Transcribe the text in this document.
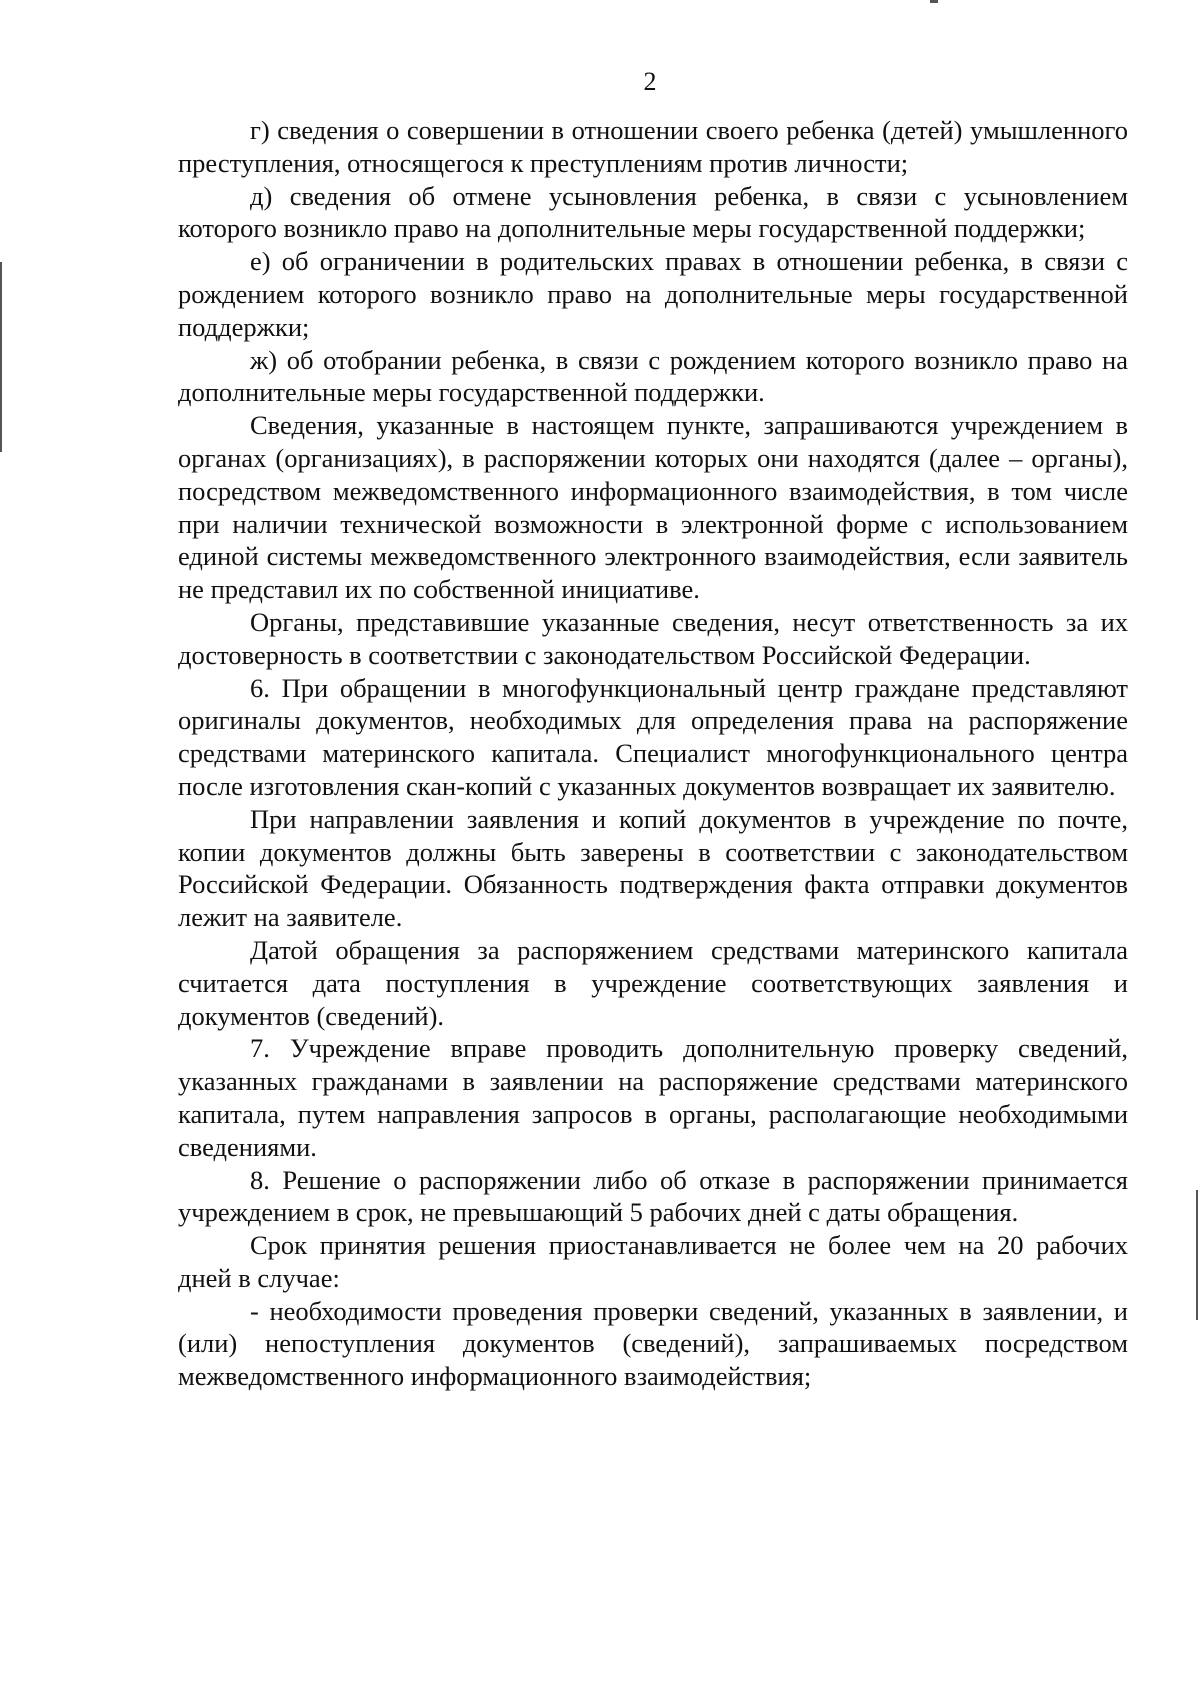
2

г) сведения о совершении в отношении своего ребенка (детей) умышленного преступления, относящегося к преступлениям против личности;

д) сведения об отмене усыновления ребенка, в связи с усыновлением которого возникло право на дополнительные меры государственной поддержки;

е) об ограничении в родительских правах в отношении ребенка, в связи с рождением которого возникло право на дополнительные меры государственной поддержки;

ж) об отобрании ребенка, в связи с рождением которого возникло право на дополнительные меры государственной поддержки.

Сведения, указанные в настоящем пункте, запрашиваются учреждением в органах (организациях), в распоряжении которых они находятся (далее – органы), посредством межведомственного информационного взаимодействия, в том числе при наличии технической возможности в электронной форме с использованием единой системы межведомственного электронного взаимодействия, если заявитель не представил их по собственной инициативе.

Органы, представившие указанные сведения, несут ответственность за их достоверность в соответствии с законодательством Российской Федерации.

6. При обращении в многофункциональный центр граждане представляют оригиналы документов, необходимых для определения права на распоряжение средствами материнского капитала. Специалист многофункционального центра после изготовления скан-копий с указанных документов возвращает их заявителю.

При направлении заявления и копий документов в учреждение по почте, копии документов должны быть заверены в соответствии с законодательством Российской Федерации. Обязанность подтверждения факта отправки документов лежит на заявителе.

Датой обращения за распоряжением средствами материнского капитала считается дата поступления в учреждение соответствующих заявления и документов (сведений).

7. Учреждение вправе проводить дополнительную проверку сведений, указанных гражданами в заявлении на распоряжение средствами материнского капитала, путем направления запросов в органы, располагающие необходимыми сведениями.

8. Решение о распоряжении либо об отказе в распоряжении принимается учреждением в срок, не превышающий 5 рабочих дней с даты обращения.

Срок принятия решения приостанавливается не более чем на 20 рабочих дней в случае:

- необходимости проведения проверки сведений, указанных в заявлении, и (или) непоступления документов (сведений), запрашиваемых посредством межведомственного информационного взаимодействия;
